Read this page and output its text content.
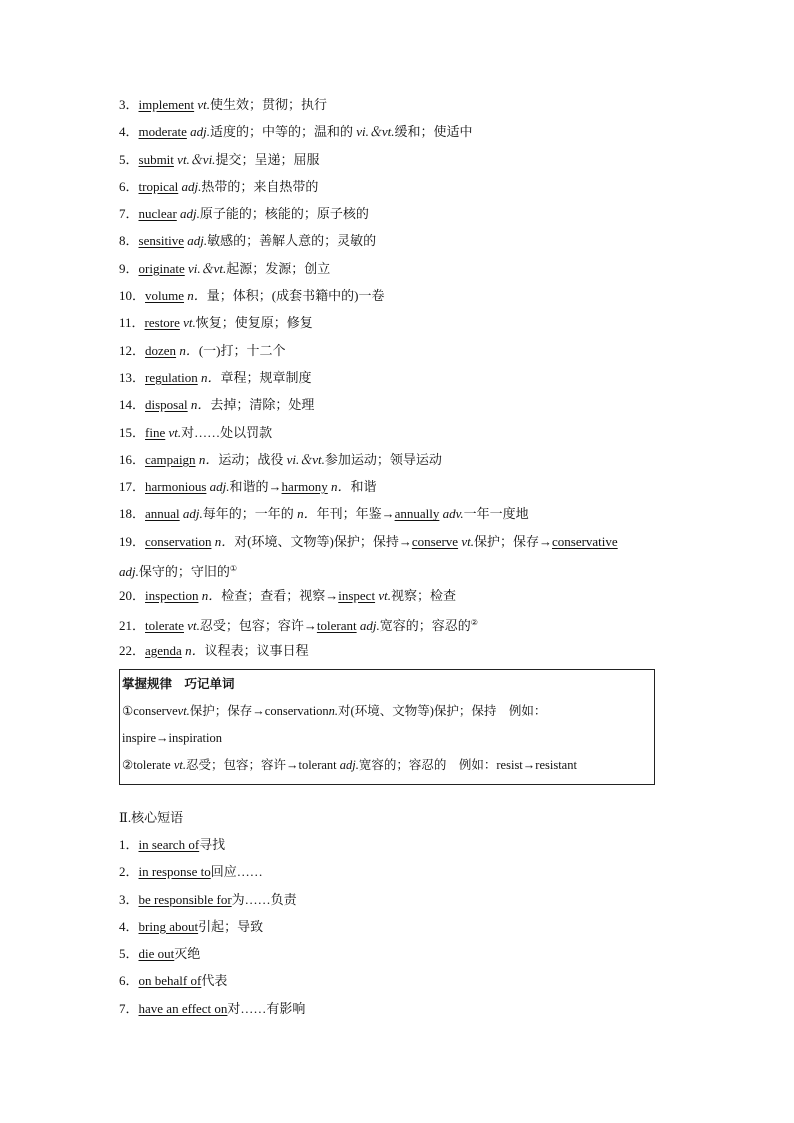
3．implement vt.使生效；贯彻；执行
4．moderate adj.适度的；中等的；温和的 vi.＆vt.缓和；使适中
5．submit vt.＆vi.提交；呈递；屈服
6．tropical adj.热带的；来自热带的
7．nuclear adj.原子能的；核能的；原子核的
8．sensitive adj.敏感的；善解人意的；灵敏的
9．originate vi.＆vt.起源；发源；创立
10．volume n．量；体积；(成套书籍中的)一卷
11．restore vt.恢复；使复原；修复
12．dozen n．(一)打；十二个
13．regulation n．章程；规章制度
14．disposal n．去掉；清除；处理
15．fine vt.对……处以罚款
16．campaign n．运动；战役 vi.＆vt.参加运动；领导运动
17．harmonious adj.和谐的→harmony n．和谐
18．annual adj.每年的；一年的 n．年刊；年鉴→annually adv.一年一度地
19．conservation n．对(环境、文物等)保护；保持→conserve vt.保护；保存→conservative
adj.保守的；守旧的①
20．inspection n．检查；查看；视察→inspect vt.视察；检查
21．tolerate vt.忍受；包容；容许→tolerant adj.宽容的；容忍的②
22．agenda n．议程表；议事日程
掌握规律　巧记单词
①conservevt.保护；保存→conservationn.对(环境、文物等)保护；保持　例如：
inspire→inspiration
②tolerate vt.忍受；包容；容许→tolerant adj.宽容的；容忍的　例如：resist→resistant
Ⅱ.核心短语
1．in search of寻找
2．in response to回应……
3．be responsible for为……负责
4．bring about引起；导致
5．die out灭绝
6．on behalf of代表
7．have an effect on对……有影响
